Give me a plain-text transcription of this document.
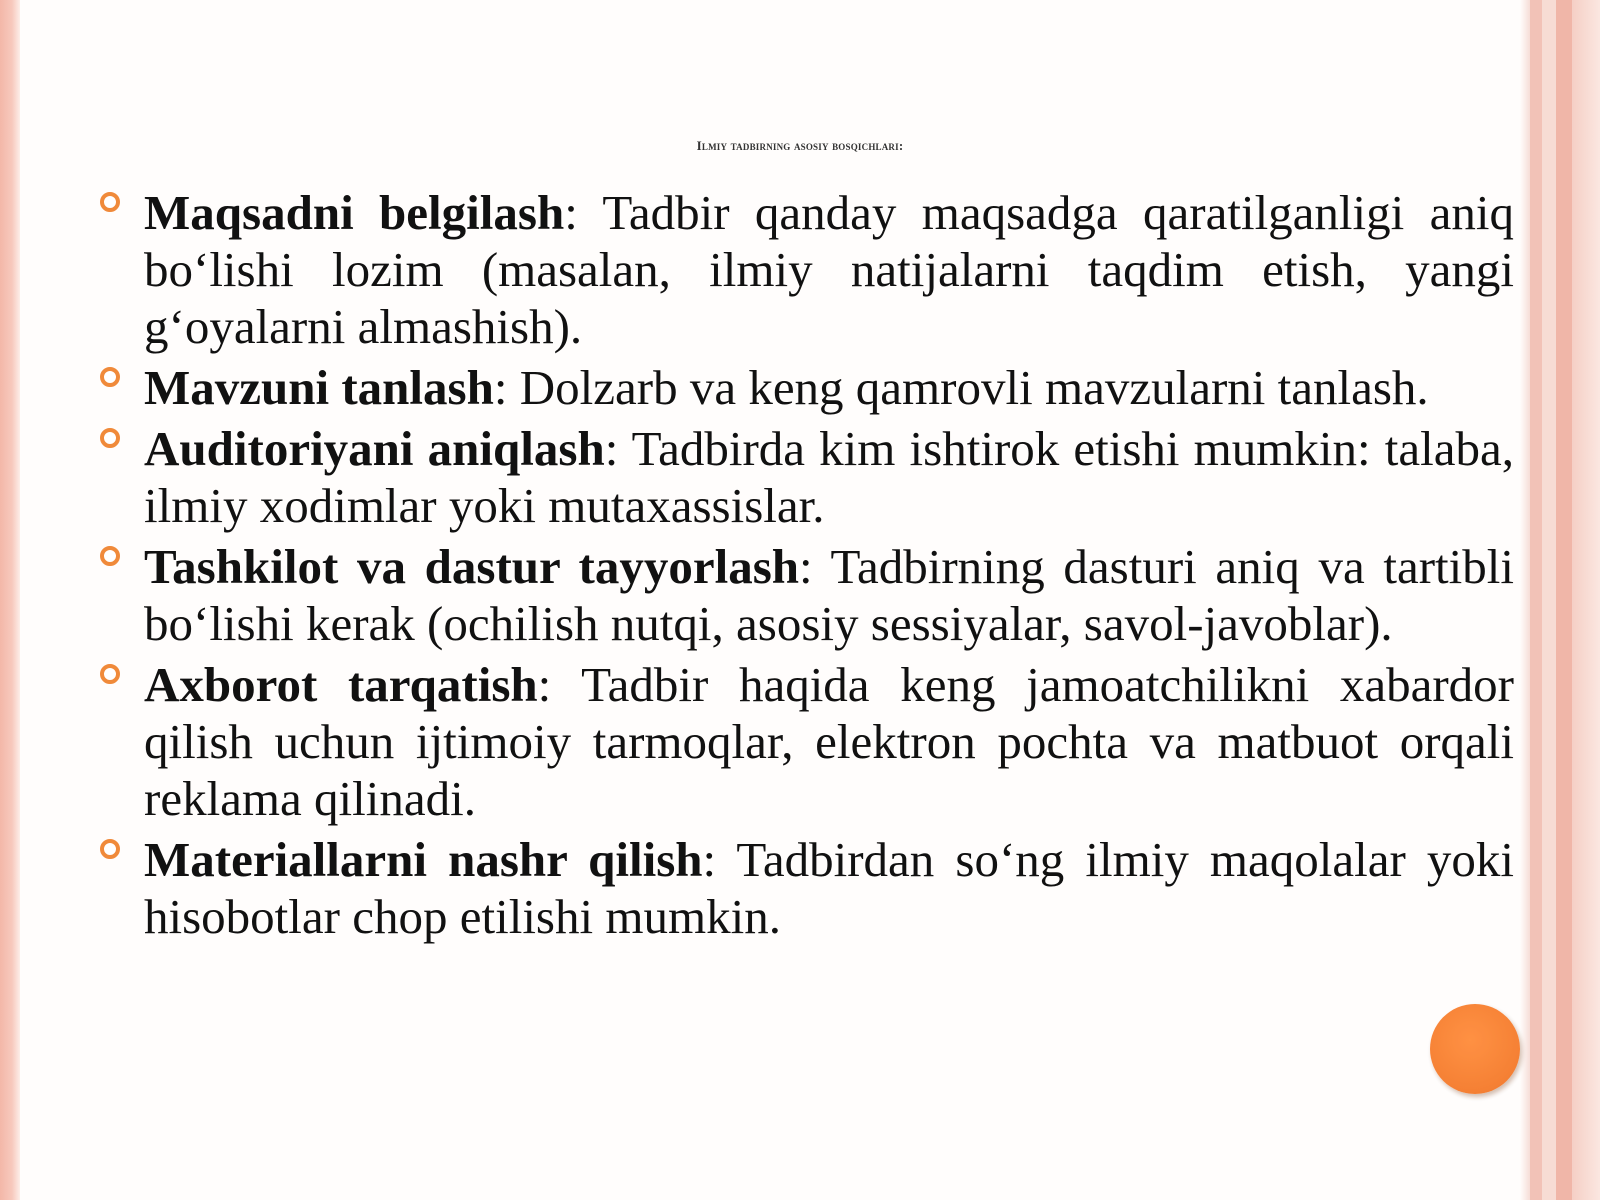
Ilmiy tadbirning asosiy bosqichlari:
Maqsadni belgilash: Tadbir qanday maqsadga qaratilganligi aniq bo‘lishi lozim (masalan, ilmiy natijalarni taqdim etish, yangi g‘oyalarni almashish).
Mavzuni tanlash: Dolzarb va keng qamrovli mavzularni tanlash.
Auditoriyani aniqlash: Tadbirda kim ishtirok etishi mumkin: talaba, ilmiy xodimlar yoki mutaxassislar.
Tashkilot va dastur tayyorlash: Tadbirning dasturi aniq va tartibli bo‘lishi kerak (ochilish nutqi, asosiy sessiyalar, savol-javoblar).
Axborot tarqatish: Tadbir haqida keng jamoatchilikni xabardor qilish uchun ijtimoiy tarmoqlar, elektron pochta va matbuot orqali reklama qilinadi.
Materiallarni nashr qilish: Tadbirdan so‘ng ilmiy maqolalar yoki hisobotlar chop etilishi mumkin.
